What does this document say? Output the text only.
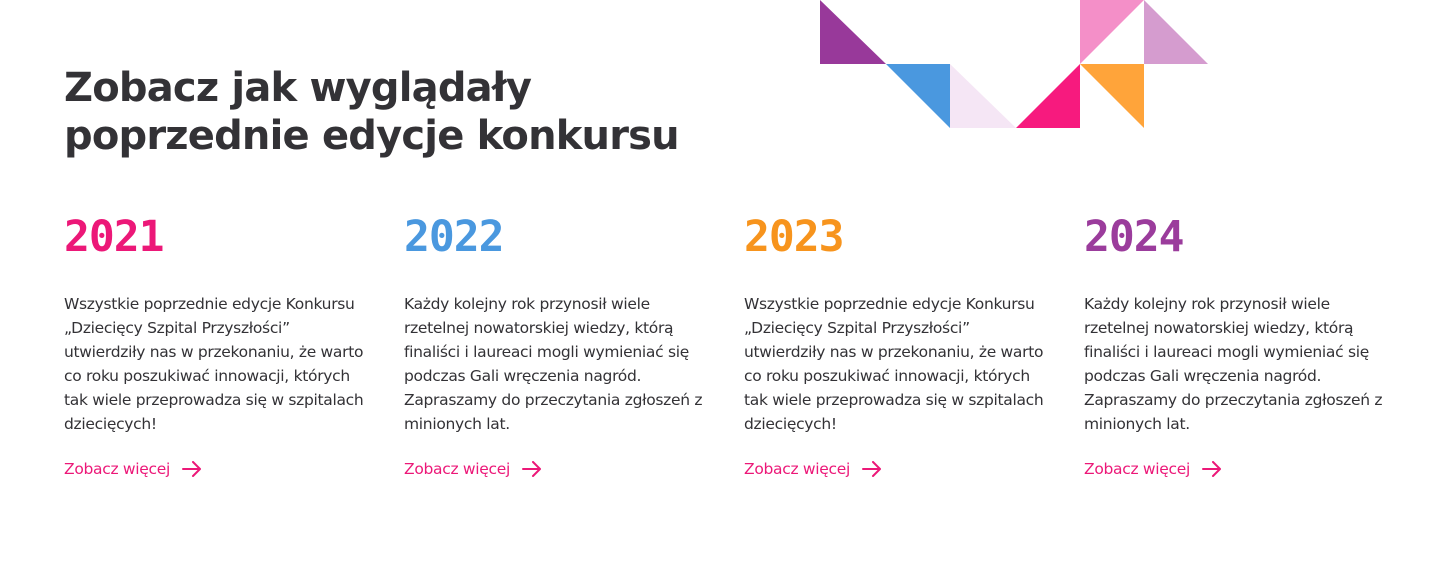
Zobacz jak wyglądały poprzednie edycje konkursu
2021

Wszystkie poprzednie edycje Konkursu „Dziecięcy Szpital Przyszłości” utwierdziły nas w przekonaniu, że warto co roku poszukiwać innowacji, których tak wiele przeprowadza się w szpitalach dziecięcych!

Zobacz więcej
2022

Każdy kolejny rok przynosił wiele rzetelnej nowatorskiej wiedzy, którą finaliści i laureaci mogli wymieniać się podczas Gali wręczenia nagród. Zapraszamy do przeczytania zgłoszeń z minionych lat.

Zobacz więcej
2023

Wszystkie poprzednie edycje Konkursu „Dziecięcy Szpital Przyszłości” utwierdziły nas w przekonaniu, że warto co roku poszukiwać innowacji, których tak wiele przeprowadza się w szpitalach dziecięcych!

Zobacz więcej
2024

Każdy kolejny rok przynosił wiele rzetelnej nowatorskiej wiedzy, którą finaliści i laureaci mogli wymieniać się podczas Gali wręczenia nagród. Zapraszamy do przeczytania zgłoszeń z minionych lat.

Zobacz więcej
